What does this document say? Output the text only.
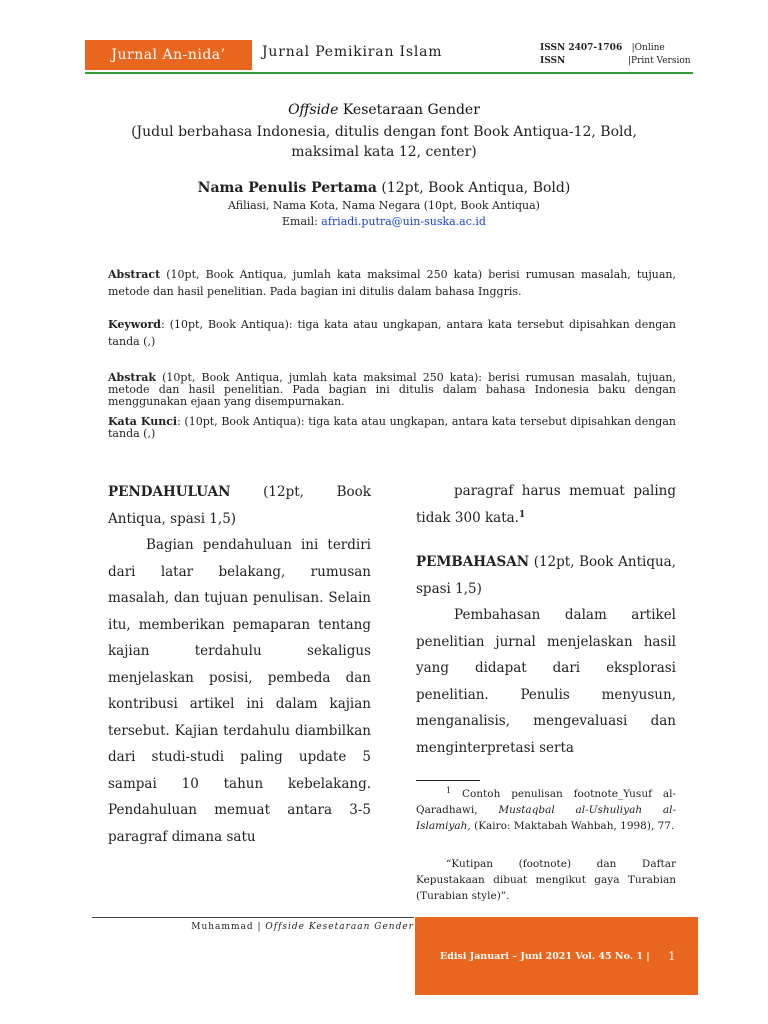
Jurnal An-nida’	Jurnal Pemikiran Islam	ISSN 2407-1706 |Online
ISSN	|Print Version
Offside Kesetaraan Gender
(Judul berbahasa Indonesia, ditulis dengan font Book Antiqua-12, Bold, maksimal kata 12, center)
Nama Penulis Pertama (12pt, Book Antiqua, Bold)
Afiliasi, Nama Kota, Nama Negara (10pt, Book Antiqua)
Email: afriadi.putra@uin-suska.ac.id
Abstract (10pt, Book Antiqua, jumlah kata maksimal 250 kata) berisi rumusan masalah, tujuan, metode dan hasil penelitian. Pada bagian ini ditulis dalam bahasa Inggris.
Keyword: (10pt, Book Antiqua): tiga kata atau ungkapan, antara kata tersebut dipisahkan dengan tanda (,)
Abstrak (10pt, Book Antiqua, jumlah kata maksimal 250 kata): berisi rumusan masalah, tujuan, metode dan hasil penelitian. Pada bagian ini ditulis dalam bahasa Indonesia baku dengan menggunakan ejaan yang disempurnakan.
Kata Kunci: (10pt, Book Antiqua): tiga kata atau ungkapan, antara kata tersebut dipisahkan dengan tanda (,)

PENDAHULUAN (12pt, Book Antiqua, spasi 1,5)

Bagian pendahuluan ini terdiri dari latar belakang, rumusan masalah, dan tujuan penulisan. Selain itu, memberikan pemaparan tentang kajian terdahulu sekaligus menjelaskan posisi, pembeda dan kontribusi artikel ini dalam kajian tersebut. Kajian terdahulu diambilkan dari studi-studi paling update 5 sampai 10 tahun kebelakang. Pendahuluan memuat antara 3-5 paragraf dimana satu

paragraf harus memuat paling tidak 300 kata.$^1$

PEMBAHASAN (12pt, Book Antiqua, spasi 1,5)

Pembahasan dalam artikel penelitian jurnal menjelaskan hasil yang didapat dari eksplorasi penelitian. Penulis menyusun, menganalisis, mengevaluasi dan menginterpretasi serta

$^1$ Contoh penulisan footnote_Yusuf al-Qaradhawi, Mustaqbal al-Ushuliyah al-Islamiyah, (Kairo: Maktabah Wahbah, 1998), 77.
“Kutipan (footnote) dan Daftar Kepustakaan dibuat mengikut gaya Turabian (Turabian style)”.
Muhammad | Offside Kesetaraan Gender
Edisi Januari – Juni 2021 Vol. 45 No. 1 | 1
